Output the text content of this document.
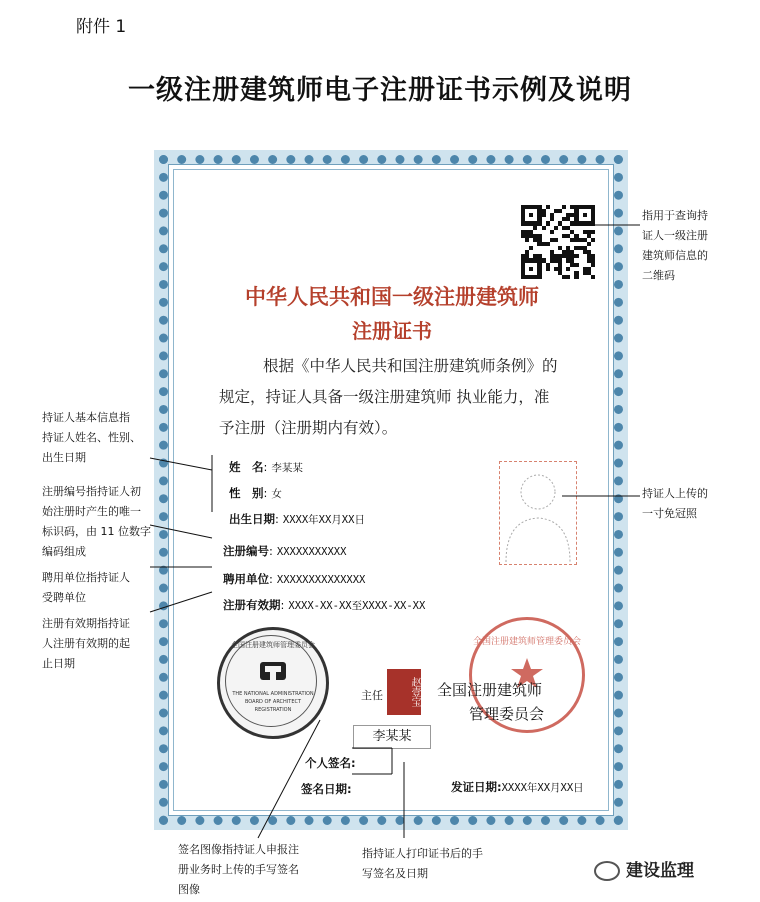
附件 1
一级注册建筑师电子注册证书示例及说明
中华人民共和国一级注册建筑师
注册证书
根据《中华人民共和国注册建筑师条例》的
规定，持证人具备一级注册建筑师 执业能力，准
予注册（注册期内有效）。
姓　名: 李某某
性　别: 女
出生日期: XXXX年XX月XX日
注册编号: XXXXXXXXXXX
聘用单位: XXXXXXXXXXXXXX
注册有效期: XXXX-XX-XX至XXXX-XX-XX
全国注册建筑师管理委员会
THE NATIONAL ADMINISTRATION
BOARD OF ARCHITECT
REGISTRATION
全国注册建筑师管理委员会
主任	赵壹宝 全国注册建筑师
管理委员会
李某某
个人签名:
签名日期:	发证日期:XXXX年XX月XX日
指用于查询持
证人一级注册
建筑师信息的
二维码
持证人上传的
一寸免冠照
持证人基本信息指
持证人姓名、性别、
出生日期
注册编号指持证人初
始注册时产生的唯一
标识码，由 11 位数字
编码组成
聘用单位指持证人
受聘单位
注册有效期指持证
人注册有效期的起
止日期
签名图像指持证人申报注
册业务时上传的手写签名
图像
指持证人打印证书后的手
写签名及日期	建设监理
